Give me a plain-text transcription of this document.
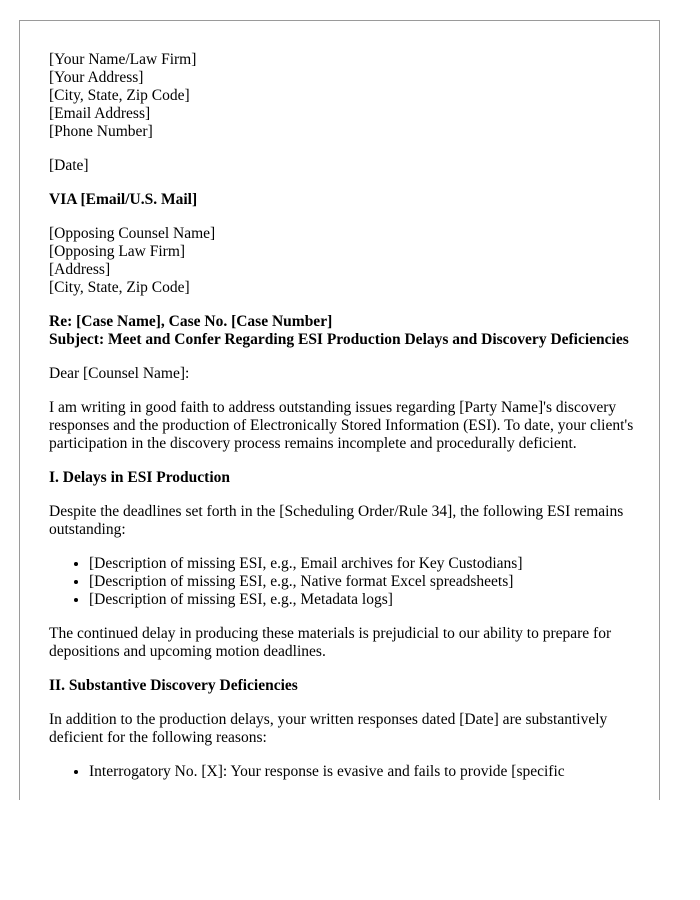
[Your Name/Law Firm]
[Your Address]
[City, State, Zip Code]
[Email Address]
[Phone Number]

[Date]

VIA [Email/U.S. Mail]

[Opposing Counsel Name]
[Opposing Law Firm]
[Address]
[City, State, Zip Code]
Re: [Case Name], Case No. [Case Number]
Subject: Meet and Confer Regarding ESI Production Delays and Discovery Deficiencies

Dear [Counsel Name]:

I am writing in good faith to address outstanding issues regarding [Party Name]'s discovery responses and the production of Electronically Stored Information (ESI). To date, your client's participation in the discovery process remains incomplete and procedurally deficient.

I. Delays in ESI Production

Despite the deadlines set forth in the [Scheduling Order/Rule 34], the following ESI remains outstanding:

• [Description of missing ESI, e.g., Email archives for Key Custodians]
• [Description of missing ESI, e.g., Native format Excel spreadsheets]
• [Description of missing ESI, e.g., Metadata logs]

The continued delay in producing these materials is prejudicial to our ability to prepare for depositions and upcoming motion deadlines.

II. Substantive Discovery Deficiencies

In addition to the production delays, your written responses dated [Date] are substantively deficient for the following reasons:

• Interrogatory No. [X]: Your response is evasive and fails to provide [specific
